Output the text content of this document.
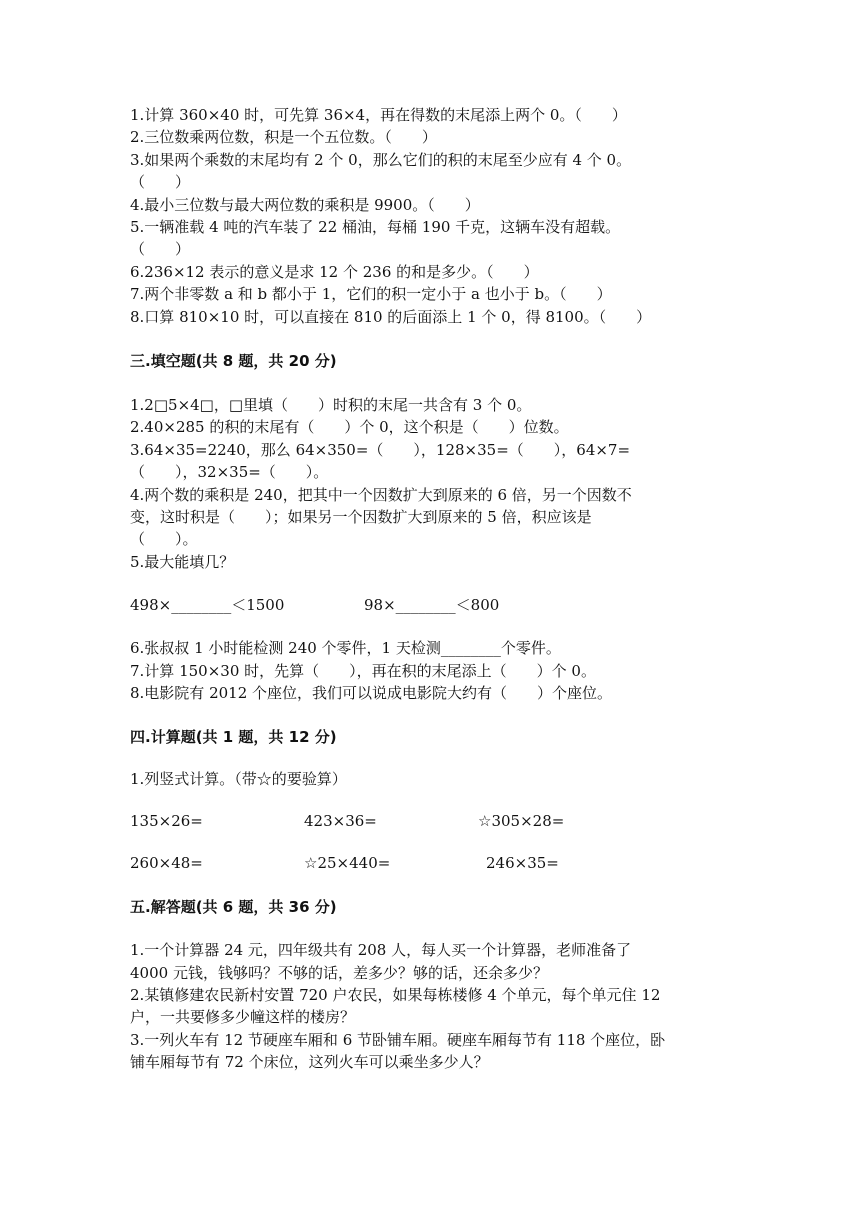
1.计算 360×40 时，可先算 36×4，再在得数的末尾添上两个 0。（　　）
2.三位数乘两位数，积是一个五位数。（　　）
3.如果两个乘数的末尾均有 2 个 0，那么它们的积的末尾至少应有 4 个 0。
（　　）
4.最小三位数与最大两位数的乘积是 9900。（　　）
5.一辆准载 4 吨的汽车装了 22 桶油，每桶 190 千克，这辆车没有超载。
（　　）
6.236×12 表示的意义是求 12 个 236 的和是多少。（　　）
7.两个非零数 a 和 b 都小于 1，它们的积一定小于 a 也小于 b。（　　）
8.口算 810×10 时，可以直接在 810 的后面添上 1 个 0，得 8100。（　　）
三.填空题(共 8 题，共 20 分)
1.2□5×4□，□里填（　　）时积的末尾一共含有 3 个 0。
2.40×285 的积的末尾有（　　）个 0，这个积是（　　）位数。
3.64×35=2240，那么 64×350=（　　），128×35=（　　），64×7=
（　　），32×35=（　　）。
4.两个数的乘积是 240，把其中一个因数扩大到原来的 6 倍，另一个因数不
变，这时积是（　　）；如果另一个因数扩大到原来的 5 倍，积应该是
（　　）。
5.最大能填几？
498×________＜1500	98×________＜800
6.张叔叔 1 小时能检测 240 个零件，1 天检测________个零件。
7.计算 150×30 时，先算（　　），再在积的末尾添上（　　）个 0。
8.电影院有 2012 个座位，我们可以说成电影院大约有（　　）个座位。
四.计算题(共 1 题，共 12 分)
1.列竖式计算。（带☆的要验算）
135×26=	423×36=	☆305×28=
260×48=	☆25×440=	246×35=
五.解答题(共 6 题，共 36 分)
1.一个计算器 24 元，四年级共有 208 人，每人买一个计算器，老师准备了
4000 元钱，钱够吗？不够的话，差多少？够的话，还余多少？
2.某镇修建农民新村安置 720 户农民，如果每栋楼修 4 个单元，每个单元住 12
户，一共要修多少幢这样的楼房？
3.一列火车有 12 节硬座车厢和 6 节卧铺车厢。硬座车厢每节有 118 个座位，卧
铺车厢每节有 72 个床位，这列火车可以乘坐多少人？
